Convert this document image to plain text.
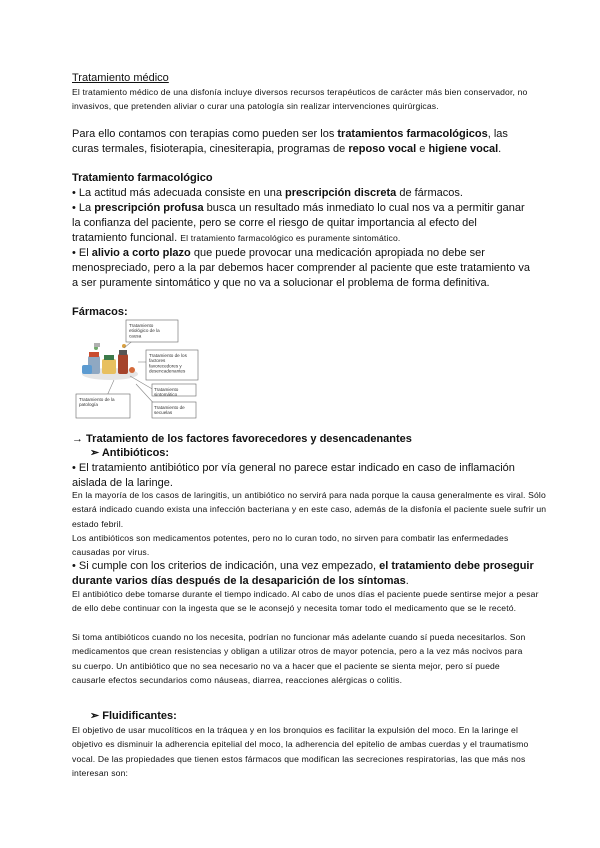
Tratamiento médico

El tratamiento médico de una disfonía incluye diversos recursos terapéuticos de carácter más bien conservador, no invasivos, que pretenden aliviar o curar una patología sin realizar intervenciones quirúrgicas.

Para ello contamos con terapias como pueden ser los tratamientos farmacológicos, las curas termales, fisioterapia, cinesiterapia, programas de reposo vocal e higiene vocal.

Tratamiento farmacológico

• La actitud más adecuada consiste en una prescripción discreta de fármacos.

• La prescripción profusa busca un resultado más inmediato lo cual nos va a permitir ganar la confianza del paciente, pero se corre el riesgo de quitar importancia al efecto del tratamiento funcional. El tratamiento farmacológico es puramente sintomático.

• El alivio a corto plazo que puede provocar una medicación apropiada no debe ser menospreciado, pero a la par debemos hacer comprender al paciente que este tratamiento va a ser puramente sintomático y que no va a solucionar el problema de forma definitiva.

Fármacos:

Tratamiento etiológico de la causa
Tratamiento de los factores favorecedores y desencadenantes
Tratamiento sintomático
Tratamiento de la patología
Tratamiento de secuelas

→ Tratamiento de los factores favorecedores y desencadenantes

➢ Antibióticos:

• El tratamiento antibiótico por vía general no parece estar indicado en caso de inflamación aislada de la laringe.

En la mayoría de los casos de laringitis, un antibiótico no servirá para nada porque la causa generalmente es viral. Sólo estará indicado cuando exista una infección bacteriana y en este caso, además de la disfonía el paciente suele sufrir un estado febril.

Los antibióticos son medicamentos potentes, pero no lo curan todo, no sirven para combatir las enfermedades causadas por virus.

• Si cumple con los criterios de indicación, una vez empezado, el tratamiento debe proseguir durante varios días después de la desaparición de los síntomas.

El antibiótico debe tomarse durante el tiempo indicado. Al cabo de unos días el paciente puede sentirse mejor a pesar de ello debe continuar con la ingesta que se le aconsejó y necesita tomar todo el medicamento que se le recetó.

Si toma antibióticos cuando no los necesita, podrían no funcionar más adelante cuando sí pueda necesitarlos. Son medicamentos que crean resistencias y obligan a utilizar otros de mayor potencia, pero a la vez más nocivos para su cuerpo. Un antibiótico que no sea necesario no va a hacer que el paciente se sienta mejor, pero sí puede causarle efectos secundarios como náuseas, diarrea, reacciones alérgicas o colitis.

➢ Fluidificantes:

El objetivo de usar mucolíticos en la tráquea y en los bronquios es facilitar la expulsión del moco. En la laringe el objetivo es disminuir la adherencia epitelial del moco, la adherencia del epitelio de ambas cuerdas y el traumatismo vocal. De las propiedades que tienen estos fármacos que modifican las secreciones respiratorias, las que más nos interesan son:
